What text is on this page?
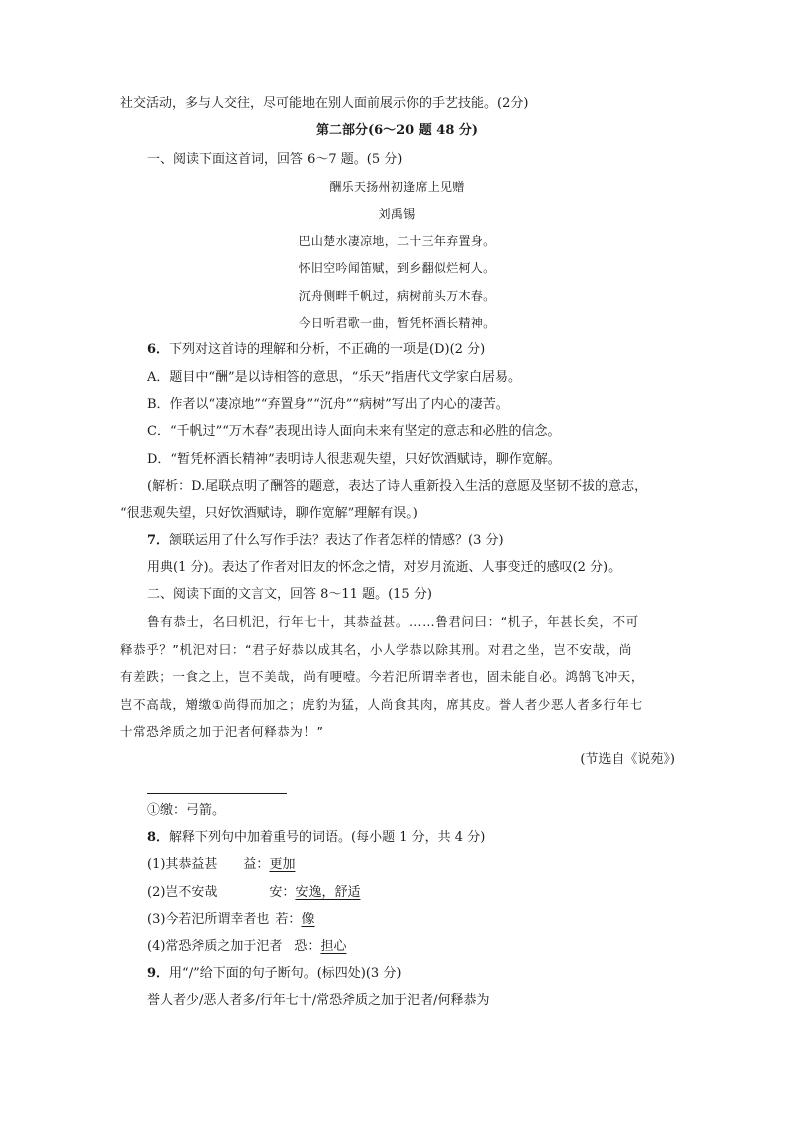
社交活动，多与人交往，尽可能地在别人面前展示你的手艺技能。(2分)
第二部分(6～20 题 48 分)
一、阅读下面这首词，回答 6～7 题。(5 分)
酬乐天扬州初逢席上见赠
刘禹锡
巴山楚水凄凉地，二十三年弃置身。
怀旧空吟闻笛赋，到乡翻似烂柯人。
沉舟侧畔千帆过，病树前头万木春。
今日听君歌一曲，暂凭杯酒长精神。
6．下列对这首诗的理解和分析，不正确的一项是(D)(2 分)
A．题目中“酬”是以诗相答的意思，“乐天”指唐代文学家白居易。
B．作者以“凄凉地”“弃置身”“沉舟”“病树”写出了内心的凄苦。
C．“千帆过”“万木春”表现出诗人面向未来有坚定的意志和必胜的信念。
D．“暂凭杯酒长精神”表明诗人很悲观失望，只好饮酒赋诗，聊作宽解。
(解析：D.尾联点明了酬答的题意，表达了诗人重新投入生活的意愿及坚韧不拔的意志，
“很悲观失望，只好饮酒赋诗，聊作宽解”理解有误。)
7．颔联运用了什么写作手法？表达了作者怎样的情感？(3 分)
用典(1 分)。表达了作者对旧友的怀念之情，对岁月流逝、人事变迁的感叹(2 分)。
二、阅读下面的文言文，回答 8～11 题。(15 分)
鲁有恭士，名曰机汜，行年七十，其恭益甚。……鲁君问曰：“机子，年甚长矣，不可
释恭乎？”机汜对曰：“君子好恭以成其名，小人学恭以除其刑。对君之坐，岂不安哉，尚
有差跌；一食之上，岂不美哉，尚有哽噎。今若汜所谓幸者也，固未能自必。鸿鹄飞冲天，
岂不高哉，矰缴①尚得而加之；虎豹为猛，人尚食其肉，席其皮。誉人者少恶人者多行年七
十常恐斧质之加于汜者何释恭为！”
(节选自《说苑》)
①缴：弓箭。
8．解释下列句中加着重号的词语。(每小题 1 分，共 4 分)
(1)其恭益甚 益：更加
(2)岂不安哉	安：安逸，舒适
(3)今若汜所谓幸者也 若：像
(4)常恐斧质之加于汜者 恐：担心
9．用“/”给下面的句子断句。(标四处)(3 分)
誉人者少/恶人者多/行年七十/常恐斧质之加于汜者/何释恭为
